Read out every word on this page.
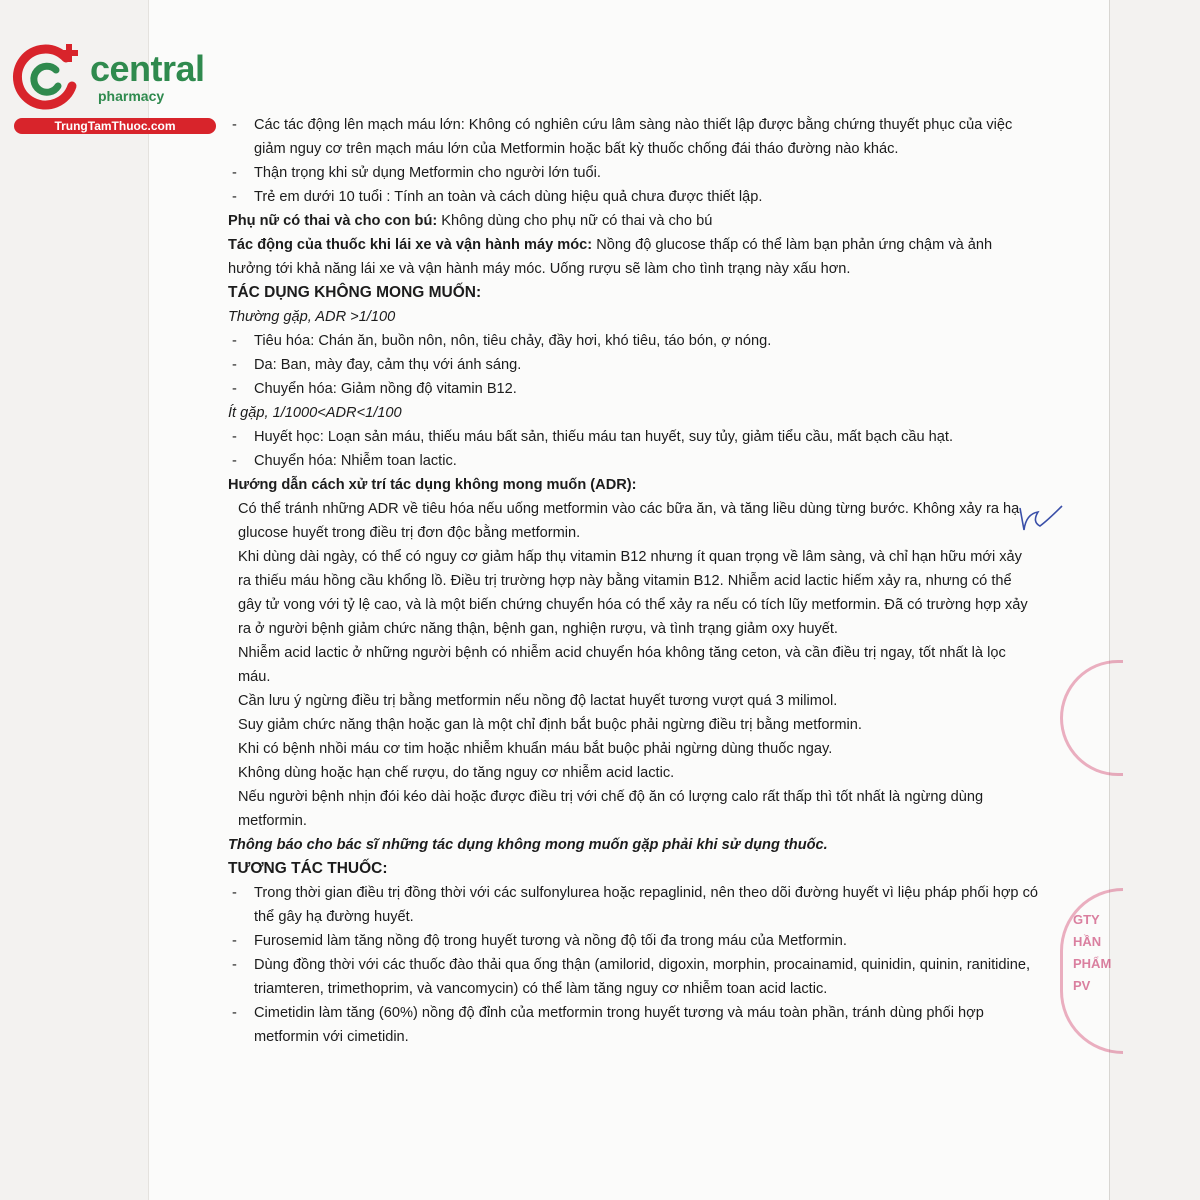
central
pharmacy
TrungTamThuoc.com	-	Các tác động lên mạch máu lớn: Không có nghiên cứu lâm sàng nào thiết lập được bằng chứng thuyết phục của việc giảm nguy cơ trên mạch máu lớn của Metformin hoặc bất kỳ thuốc chống đái tháo đường nào khác.
-	Thận trọng khi sử dụng Metformin cho người lớn tuổi.
-	Trẻ em dưới 10 tuổi : Tính an toàn và cách dùng hiệu quả chưa được thiết lập.

Phụ nữ có thai và cho con bú: Không dùng cho phụ nữ có thai và cho bú

Tác động của thuốc khi lái xe và vận hành máy móc: Nồng độ glucose thấp có thể làm bạn phản ứng chậm và ảnh hưởng tới khả năng lái xe và vận hành máy móc. Uống rượu sẽ làm cho tình trạng này xấu hơn.

TÁC DỤNG KHÔNG MONG MUỐN:

Thường gặp, ADR >1/100

-	Tiêu hóa: Chán ăn, buồn nôn, nôn, tiêu chảy, đầy hơi, khó tiêu, táo bón, ợ nóng.
-	Da: Ban, mày đay, cảm thụ với ánh sáng.
-	Chuyển hóa: Giảm nồng độ vitamin B12.

Ít gặp, 1/1000<ADR<1/100

-	Huyết học: Loạn sản máu, thiếu máu bất sản, thiếu máu tan huyết, suy tủy, giảm tiểu cầu, mất bạch cầu hạt.
-	Chuyển hóa: Nhiễm toan lactic.

Hướng dẫn cách xử trí tác dụng không mong muốn (ADR):

Có thể tránh những ADR về tiêu hóa nếu uống metformin vào các bữa ăn, và tăng liều dùng từng bước. Không xảy ra hạ glucose huyết trong điều trị đơn độc bằng metformin.

Khi dùng dài ngày, có thể có nguy cơ giảm hấp thụ vitamin B12 nhưng ít quan trọng về lâm sàng, và chỉ hạn hữu mới xảy ra thiếu máu hồng cầu khổng lồ. Điều trị trường hợp này bằng vitamin B12. Nhiễm acid lactic hiếm xảy ra, nhưng có thể gây tử vong với tỷ lệ cao, và là một biến chứng chuyển hóa có thể xảy ra nếu có tích lũy metformin. Đã có trường hợp xảy ra ở người bệnh giảm chức năng thận, bệnh gan, nghiện rượu, và tình trạng giảm oxy huyết.

Nhiễm acid lactic ở những người bệnh có nhiễm acid chuyển hóa không tăng ceton, và cần điều trị ngay, tốt nhất là lọc máu.

Cần lưu ý ngừng điều trị bằng metformin nếu nồng độ lactat huyết tương vượt quá 3 milimol.

Suy giảm chức năng thận hoặc gan là một chỉ định bắt buộc phải ngừng điều trị bằng metformin.

Khi có bệnh nhồi máu cơ tim hoặc nhiễm khuẩn máu bắt buộc phải ngừng dùng thuốc ngay.

Không dùng hoặc hạn chế rượu, do tăng nguy cơ nhiễm acid lactic.

Nếu người bệnh nhịn đói kéo dài hoặc được điều trị với chế độ ăn có lượng calo rất thấp thì tốt nhất là ngừng dùng metformin.

Thông báo cho bác sĩ những tác dụng không mong muốn gặp phải khi sử dụng thuốc.

TƯƠNG TÁC THUỐC:

-	Trong thời gian điều trị đồng thời với các sulfonylurea hoặc repaglinid, nên theo dõi đường huyết vì liệu pháp phối hợp có thể gây hạ đường huyết.
-	Furosemid làm tăng nồng độ trong huyết tương và nồng độ tối đa trong máu của Metformin.
-	Dùng đồng thời với các thuốc đào thải qua ống thận (amilorid, digoxin, morphin, procainamid, quinidin, quinin, ranitidine, triamteren, trimethoprim, và vancomycin) có thể làm tăng nguy cơ nhiễm toan acid lactic.
-	Cimetidin làm tăng (60%) nồng độ đỉnh của metformin trong huyết tương và máu toàn phần, tránh dùng phối hợp metformin với cimetidin.
GTY
HẦN
PHẨM
PV
